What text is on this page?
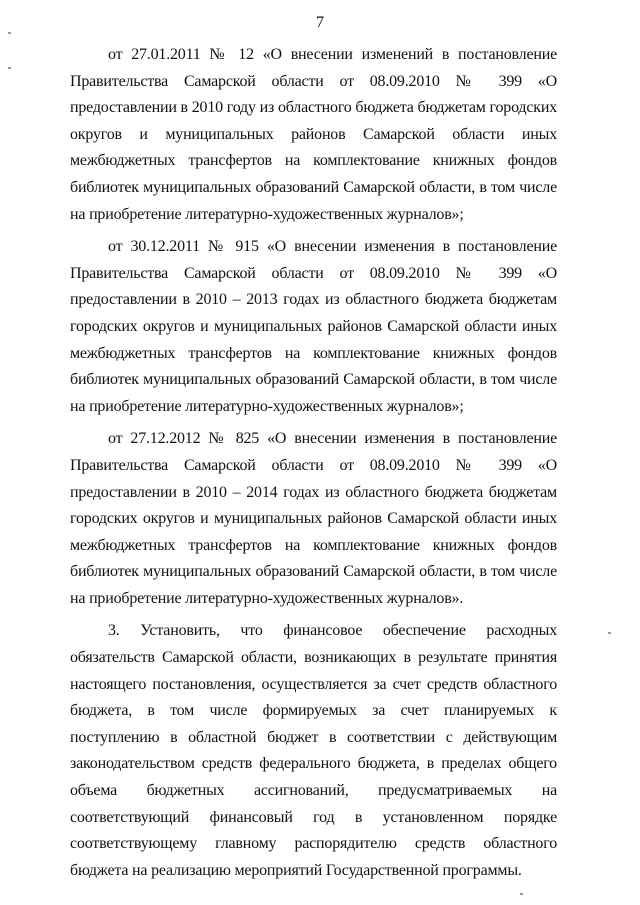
7

от 27.01.2011 № 12 «О внесении изменений в постановление Правительства Самарской области от 08.09.2010 № 399 «О предоставлении в 2010 году из областного бюджета бюджетам городских округов и муниципальных районов Самарской области иных межбюджетных трансфертов на комплектование книжных фондов библиотек муниципальных образований Самарской области, в том числе на приобретение литературно-художественных журналов»;

от 30.12.2011 № 915 «О внесении изменения в постановление Правительства Самарской области от 08.09.2010 № 399 «О предоставлении в 2010 – 2013 годах из областного бюджета бюджетам городских округов и муниципальных районов Самарской области иных межбюджетных трансфертов на комплектование книжных фондов библиотек муниципальных образований Самарской области, в том числе на приобретение литературно-художественных журналов»;

от 27.12.2012 № 825 «О внесении изменения в постановление Правительства Самарской области от 08.09.2010 № 399 «О предоставлении в 2010 – 2014 годах из областного бюджета бюджетам городских округов и муниципальных районов Самарской области иных межбюджетных трансфертов на комплектование книжных фондов библиотек муниципальных образований Самарской области, в том числе на приобретение литературно-художественных журналов».

3. Установить, что финансовое обеспечение расходных обязательств Самарской области, возникающих в результате принятия настоящего постановления, осуществляется за счет средств областного бюджета, в том числе формируемых за счет планируемых к поступлению в областной бюджет в соответствии с действующим законодательством средств федерального бюджета, в пределах общего объема бюджетных ассигнований, предусматриваемых на соответствующий финансовый год в установленном порядке соответствующему главному распорядителю средств областного бюджета на реализацию мероприятий Государственной программы.
